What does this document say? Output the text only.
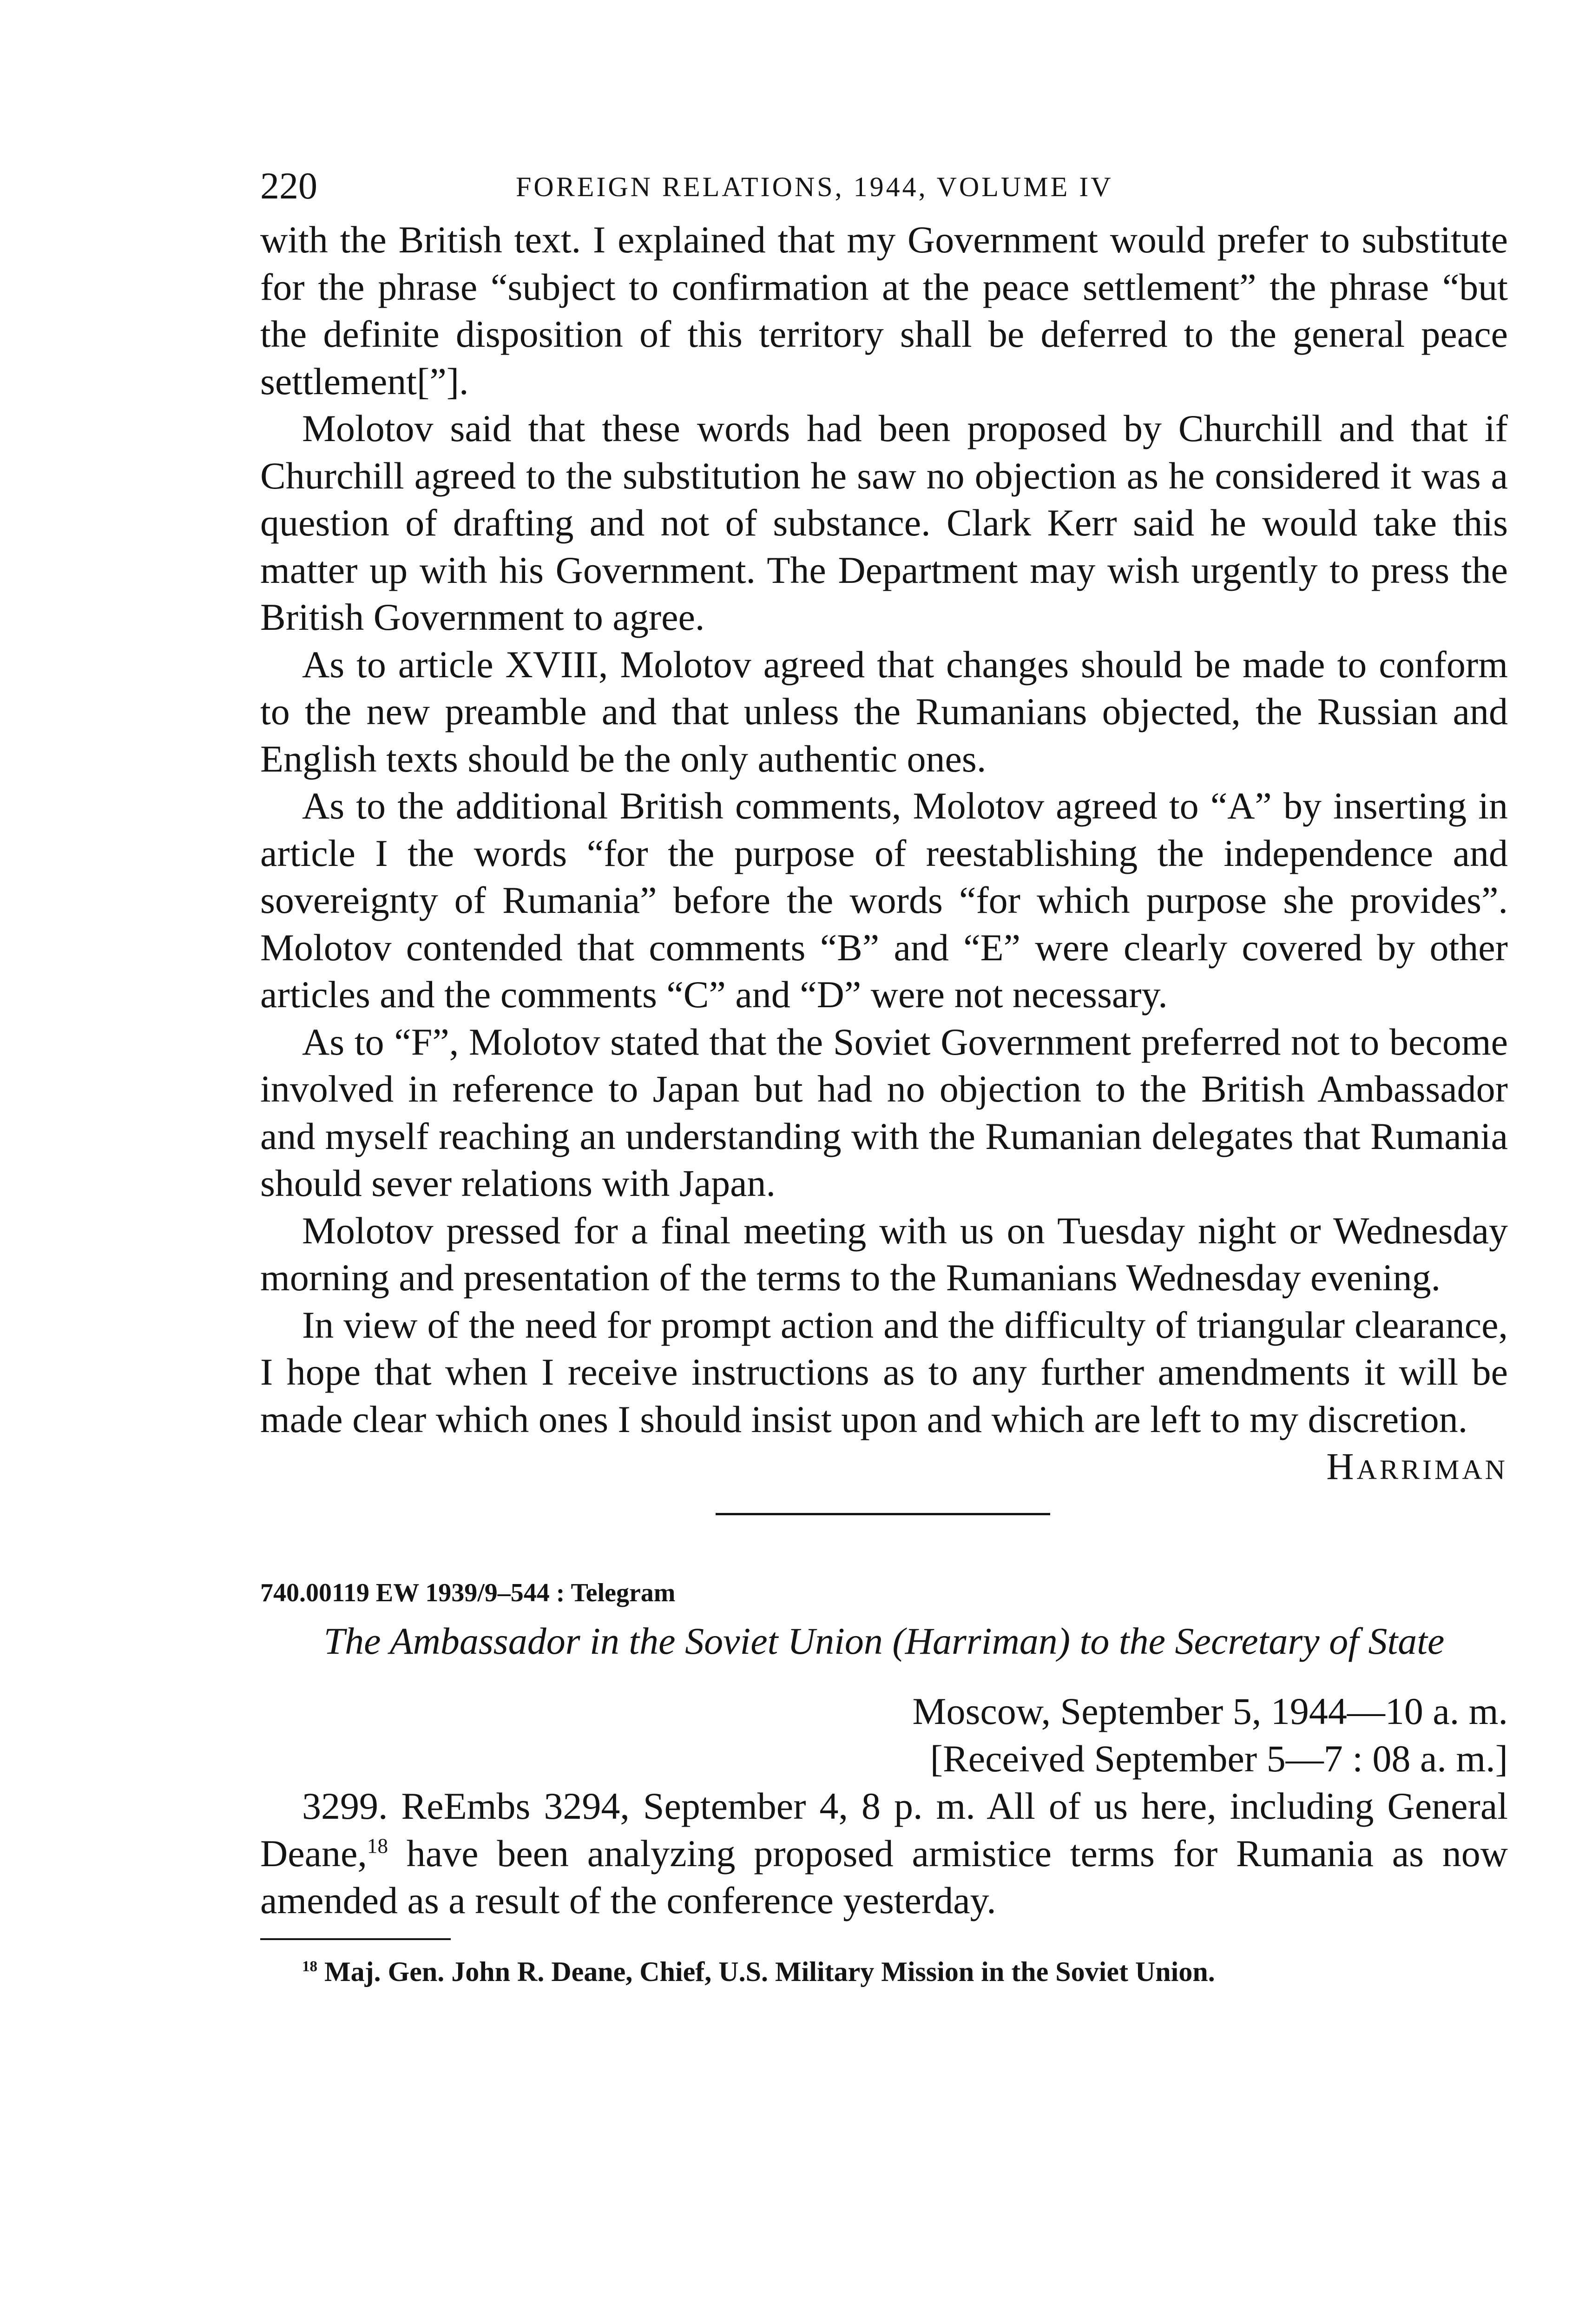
220	FOREIGN RELATIONS, 1944, VOLUME IV

with the British text. I explained that my Government would prefer to substitute for the phrase “subject to confirmation at the peace settlement” the phrase “but the definite disposition of this territory shall be deferred to the general peace settlement[”].

Molotov said that these words had been proposed by Churchill and that if Churchill agreed to the substitution he saw no objection as he considered it was a question of drafting and not of substance. Clark Kerr said he would take this matter up with his Government. The Department may wish urgently to press the British Government to agree.

As to article XVIII, Molotov agreed that changes should be made to conform to the new preamble and that unless the Rumanians objected, the Russian and English texts should be the only authentic ones.

As to the additional British comments, Molotov agreed to “A” by inserting in article I the words “for the purpose of reestablishing the independence and sovereignty of Rumania” before the words “for which purpose she provides”. Molotov contended that comments “B” and “E” were clearly covered by other articles and the comments “C” and “D” were not necessary.

As to “F”, Molotov stated that the Soviet Government preferred not to become involved in reference to Japan but had no objection to the British Ambassador and myself reaching an understanding with the Rumanian delegates that Rumania should sever relations with Japan.

Molotov pressed for a final meeting with us on Tuesday night or Wednesday morning and presentation of the terms to the Rumanians Wednesday evening.

In view of the need for prompt action and the difficulty of triangular clearance, I hope that when I receive instructions as to any further amendments it will be made clear which ones I should insist upon and which are left to my discretion.

HARRIMAN
740.00119 EW 1939/9–544 : Telegram
The Ambassador in the Soviet Union (Harriman) to the Secretary of State
Moscow, September 5, 1944—10 a. m.
[Received September 5—7 : 08 a. m.]

3299. ReEmbs 3294, September 4, 8 p. m. All of us here, including General Deane,$^{18}$ have been analyzing proposed armistice terms for Rumania as now amended as a result of the conference yesterday.

$^{18}$ Maj. Gen. John R. Deane, Chief, U.S. Military Mission in the Soviet Union.
